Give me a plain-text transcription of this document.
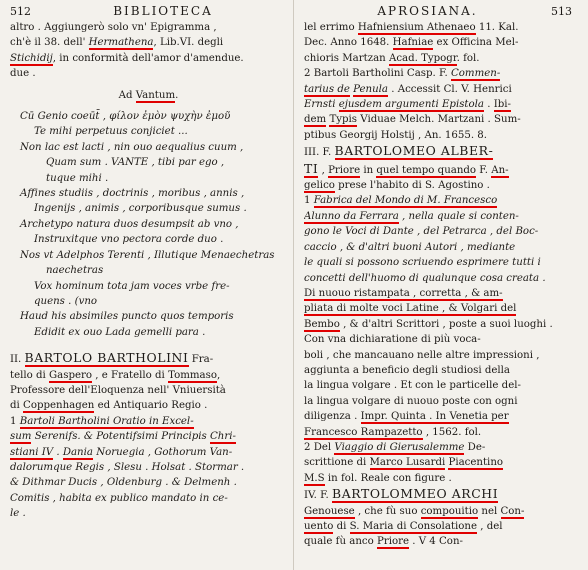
512	BIBLIOTECA
altro . Aggiungerò solo vn' Epigramma ,
ch'è il 38. dell' Hermathena, Lib.VI. degli
Stichidij, in conformità dell'amor d'amendue.
due .
Ad Vantum.
Cū Genio coeūt̄ , φίλον ἐμὸν ψυχὴν ἐμοῦ
Te mihi perpetuus conjiciet ...
Non lac est lacti , nin ouo aequalius cuum ,
Quam sum . VANTE , tibi par ego ,
tuque mihi .
Affines studiis , doctrinis , moribus , annis ,
Ingenijs , animis , corporibusque sumus .
Archetypo natura duos desumpsit ab vno ,
Instruxitque vno pectora corde duo .
Nos vt Adelphos Terenti , Illutique Menaechetras
naechetras
Vox hominum tota jam voces vrbe fre-
quens . (vno
Haud his absimiles puncto quos temporis
Edidit ex ouo Lada gemelli para .
II. BARTOLO BARTHOLINI Fra-
tello di Gaspero , e Fratello di Tommaso,
Professore dell'Eloquenza nell' Vniuersità
di Coppenhagen ed Antiquario Regio .
1 Bartoli Bartholini Oratio in Excel-
sum Serenifs. & Potentifsimi Principis Chri-
stiani IV . Dania Noruegia , Gothorum Van-
dalorumque Regis , Slesu . Holsat . Stormar .
& Dithmar Ducis , Oldenburg . & Delmenh .
Comitis , habita ex publico mandato in ce-
le .
APROSIANA.	513
lel errimo Hafniensium Athenaeo 11. Kal.
Dec. Anno 1648. Hafniae ex Officina Mel-
chioris Martzan Acad. Typogr. fol.
2 Bartoli Bartholini Casp. F. Commen-
tarius de Penula . Accessit Cl. V. Henrici
Ernsti ejusdem argumenti Epistola . Ibi-
dem Typis Viduae Melch. Martzani . Sum-
ptibus Georgij Holstij , An. 1655. 8.
III. F. BARTOLOMEO ALBER-
TI , Priore in quel tempo quando F. An-
gelico prese l'habito di S. Agostino .
1 Fabrica del Mondo di M. Francesco
Alunno da Ferrara , nella quale si conten-
gono le Voci di Dante , del Petrarca , del Boc-
caccio , & d'altri buoni Autori , mediante
le quali si possono scriuendo esprimere tutti i
concetti dell'huomo di qualunque cosa creata .
Di nuouo ristampata , corretta , & am-
pliata di molte voci Latine , & Volgari del
Bembo , & d'altri Scrittori , poste a suoi luoghi .
Con vna dichiaratione di più voca-
boli , che mancauano nelle altre impressioni ,
aggiunta a beneficio degli studiosi della
la lingua volgare . Et con le particelle del-
la lingua volgare di nuouo poste con ogni
diligenza . Impr. Quinta . In Venetia per
Francesco Rampazetto , 1562. fol.
2 Del Viaggio di Gierusalemme De-
scrittione di Marco Lusardi Piacentino
M.S in fol. Reale con figure .
IV. F. BARTOLOMMEO ARCHI
Genouese , che fù suo compouitio nel Con-
uento di S. Maria di Consolatione , del
quale fù anco Priore . V 4 Con-
